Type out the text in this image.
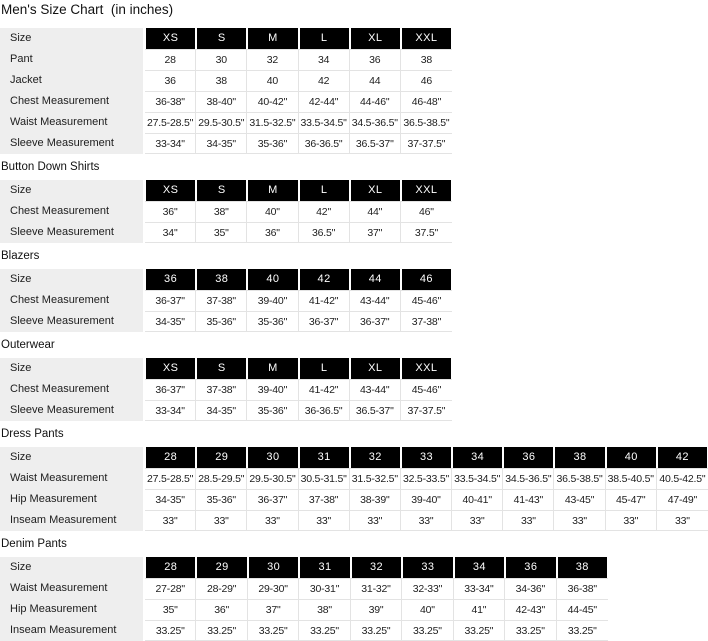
Men's Size Chart  (in inches)
Size	XS	S	M	L	XL	XXL
Pant	28	30	32	34	36	38
Jacket	36	38	40	42	44	46
Chest Measurement	36-38"	38-40"	40-42"	42-44"	44-46"	46-48"
Waist Measurement	27.5-28.5" 29.5-30.5" 31.5-32.5" 33.5-34.5" 34.5-36.5" 36.5-38.5"
Sleeve Measurement	33-34"	34-35"	35-36"	36-36.5"	36.5-37"	37-37.5"
Button Down Shirts
Size	XS	S	M	L	XL	XXL
Chest Measurement	36"	38"	40"	42"	44"	46"
Sleeve Measurement	34"	35"	36"	36.5"	37"	37.5"
Blazers
Size	36	38	40	42	44	46
Chest Measurement	36-37"	37-38"	39-40"	41-42"	43-44"	45-46"
Sleeve Measurement	34-35"	35-36"	35-36"	36-37"	36-37"	37-38"
Outerwear
Size	XS	S	M	L	XL	XXL
Chest Measurement	36-37"	37-38"	39-40"	41-42"	43-44"	45-46"
Sleeve Measurement	33-34"	34-35"	35-36"	36-36.5"	36.5-37"	37-37.5"
Dress Pants
Size	28	29	30	31	32	33	34	36	38	40	42
Waist Measurement	27.5-28.5" 28.5-29.5" 29.5-30.5" 30.5-31.5" 31.5-32.5" 32.5-33.5" 33.5-34.5" 34.5-36.5" 36.5-38.5" 38.5-40.5" 40.5-42.5"
Hip Measurement	34-35"	35-36"	36-37"	37-38"	38-39"	39-40"	40-41"	41-43"	43-45"	45-47"	47-49"
Inseam Measurement	33"	33"	33"	33"	33"	33"	33"	33"	33"	33"	33"
Denim Pants
Size	28	29	30	31	32	33	34	36	38
Waist Measurement	27-28"	28-29"	29-30"	30-31"	31-32"	32-33"	33-34"	34-36"	36-38"
Hip Measurement	35"	36"	37"	38"	39"	40"	41"	42-43"	44-45"
Inseam Measurement	33.25"	33.25"	33.25"	33.25"	33.25"	33.25"	33.25"	33.25"	33.25"
